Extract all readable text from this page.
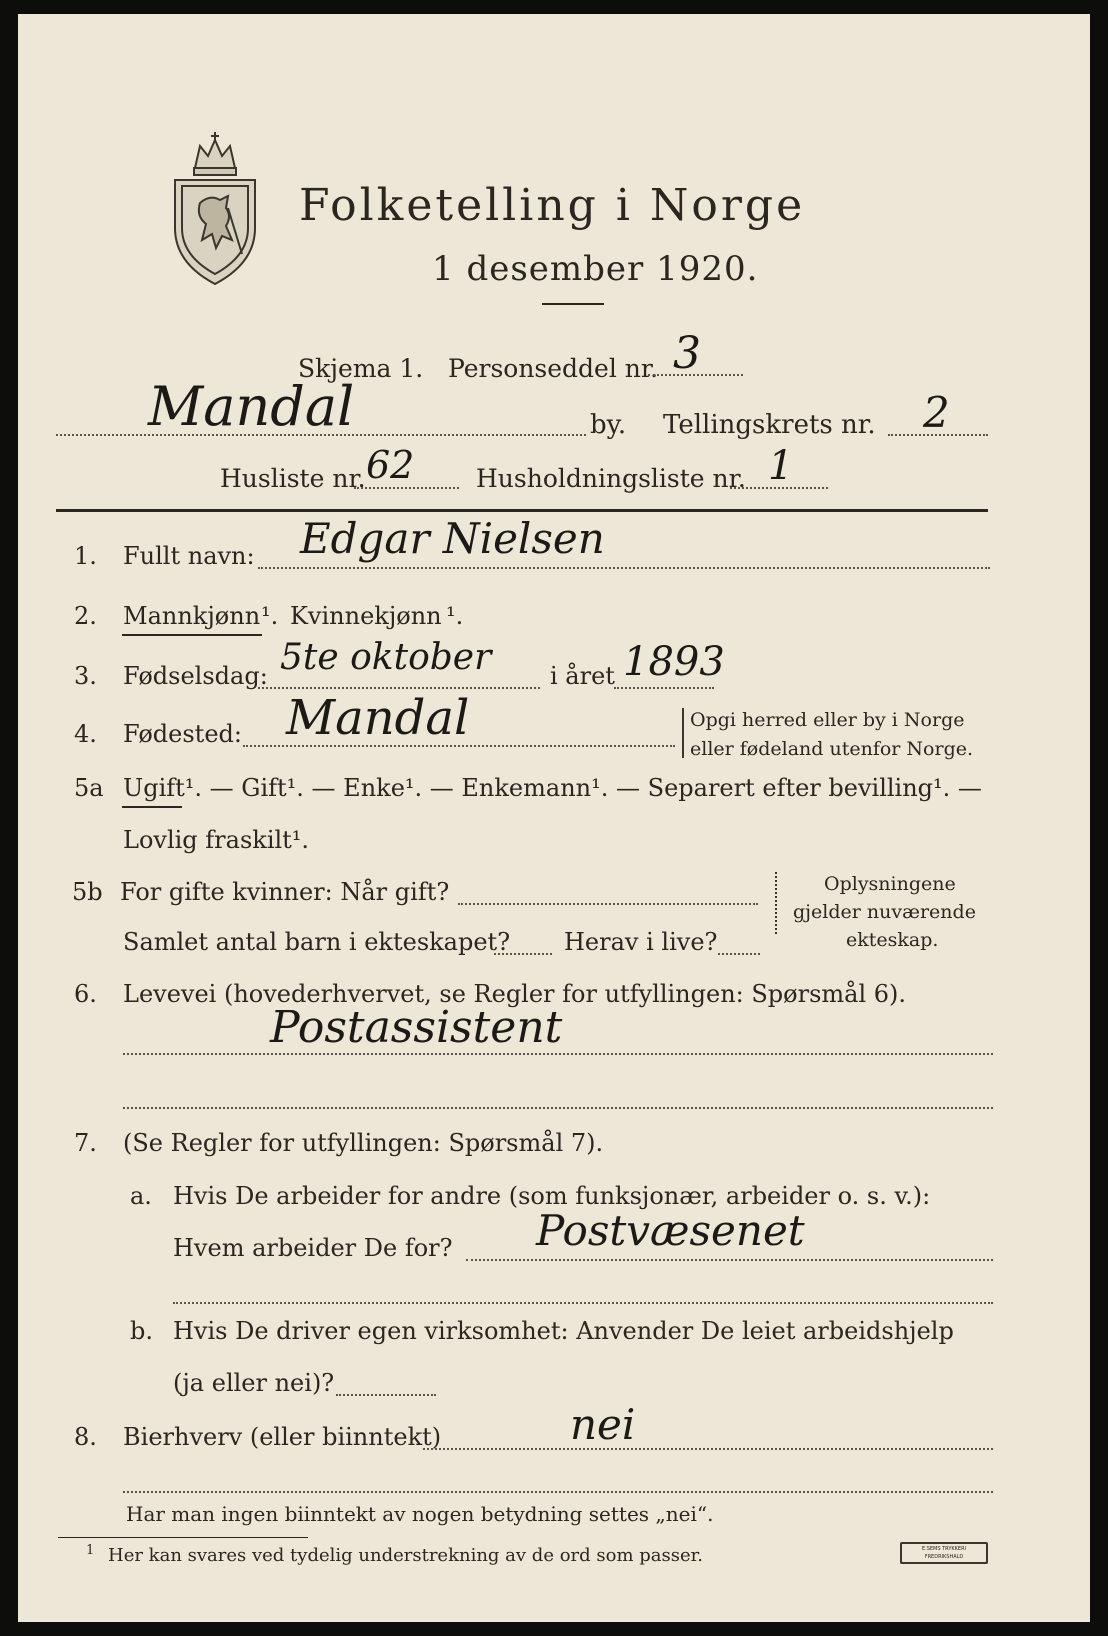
Folketelling i Norge
1 desember 1920.
Skjema 1. Personseddel nr. 3
Mandal	by. Tellingskrets nr. 2
Husliste nr. 62 Husholdningsliste nr. 1
1. Fullt navn: Edgar Nielsen
2. Mannkjønn ¹. Kvinnekjønn ¹.
3. Fødselsdag: 5te oktober i året 1893
4. Fødested: Mandal	Opgi herred eller by i Norge
eller fødeland utenfor Norge.
5a Ugift¹. — Gift¹. — Enke¹. — Enkemann¹. — Separert efter bevilling¹. —
Lovlig fraskilt¹.
5b For gifte kvinner: Når gift?
Samlet antal barn i ekteskapet? Herav i live?
Oplysningene
gjelder nuværende
ekteskap.
6. Levevei (hovederhvervet, se Regler for utfyllingen: Spørsmål 6).
Postassistent
7. (Se Regler for utfyllingen: Spørsmål 7).
a. Hvis De arbeider for andre (som funksjonær, arbeider o. s. v.):
Hvem arbeider De for? Postvæsenet
b. Hvis De driver egen virksomhet: Anvender De leiet arbeidshjelp
(ja eller nei)?
8. Bierhverv (eller biinntekt)	nei
Har man ingen biinntekt av nogen betydning settes „nei“.
1 Her kan svares ved tydelig understrekning av de ord som passer.	E.SEMS TRYKKERI FREDRIKSHALD
